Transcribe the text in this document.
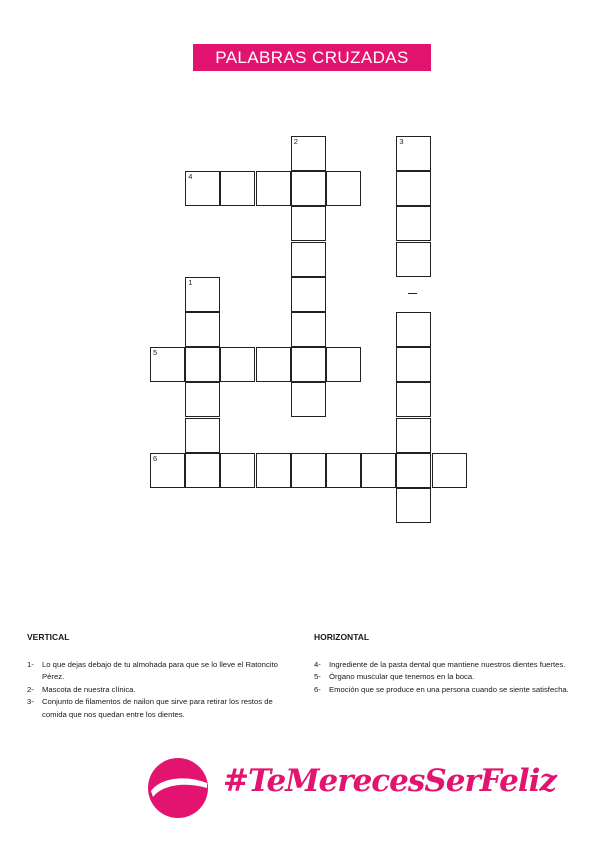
PALABRAS CRUZADAS
2	3
4
1
5
6
VERTICAL
1- Lo que dejas debajo de tu almohada para que se lo lleve el Ratoncito Pérez.
2- Mascota de nuestra clínica.
3- Conjunto de filamentos de nailon que sirve para retirar los restos de comida que nos quedan entre los dientes.
HORIZONTAL
4- Ingrediente de la pasta dental que mantiene nuestros dientes fuertes.
5- Órgano muscular que tenemos en la boca.
6- Emoción que se produce en una persona cuando se siente satisfecha.
#TeMerecesSerFeliz
